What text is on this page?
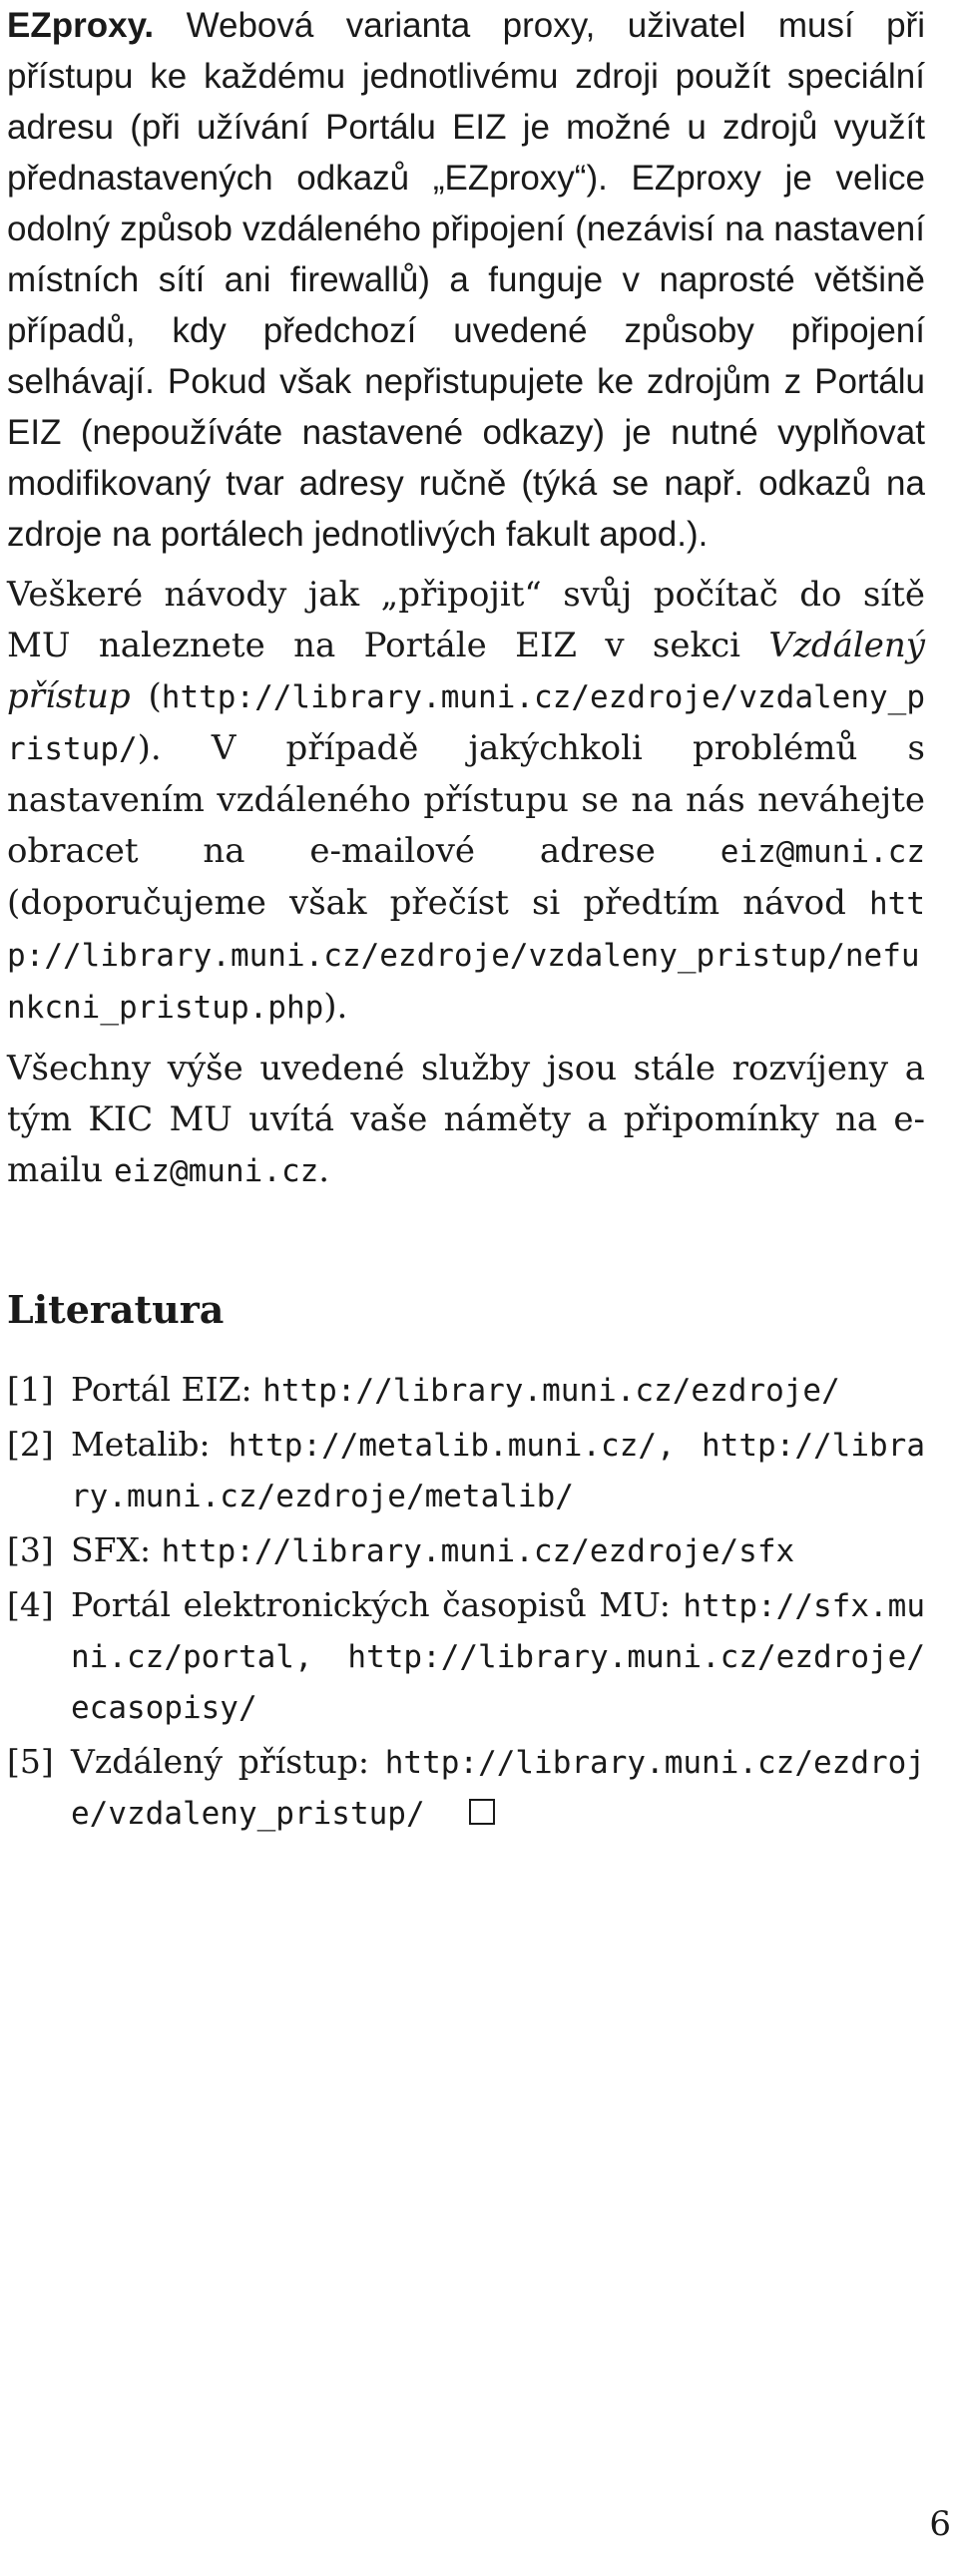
EZproxy. Webová varianta proxy, uživatel musí při přístupu ke každému jednotlivému zdroji použít speciální adresu (při užívání Portálu EIZ je možné u zdrojů využít přednastavených odkazů „EZproxy“). EZproxy je velice odolný způsob vzdáleného připojení (nezávisí na nastavení místních sítí ani firewallů) a funguje v naprosté většině případů, kdy předchozí uvedené způsoby připojení selhávají. Pokud však nepřistupujete ke zdrojům z Portálu EIZ (nepoužíváte nastavené odkazy) je nutné vyplňovat modifikovaný tvar adresy ručně (týká se např. odkazů na zdroje na portálech jednotlivých fakult apod.).

Veškeré návody jak „připojit“ svůj počítač do sítě MU naleznete na Portále EIZ v sekci Vzdálený přístup (http://library.muni.cz/ezdroje/vzdaleny_pristup/). V případě jakýchkoli problémů s nastavením vzdáleného přístupu se na nás neváhejte obracet na e-mailové adrese eiz@muni.cz (doporučujeme však přečíst si předtím návod http://library.muni.cz/ezdroje/vzdaleny_pristup/nefunkcni_pristup.php).

Všechny výše uvedené služby jsou stále rozvíjeny a tým KIC MU uvítá vaše náměty a připomínky na e-mailu eiz@muni.cz.

Literatura
[1] Portál EIZ: http://library.muni.cz/ezdroje/
[2] Metalib: http://metalib.muni.cz/, http://library.muni.cz/ezdroje/metalib/
[3] SFX: http://library.muni.cz/ezdroje/sfx
[4] Portál elektronických časopisů MU: http://sfx.muni.cz/portal, http://library.muni.cz/ezdroje/ecasopisy/
[5] Vzdálený přístup: http://library.muni.cz/ezdroje/vzdaleny_pristup/
6
